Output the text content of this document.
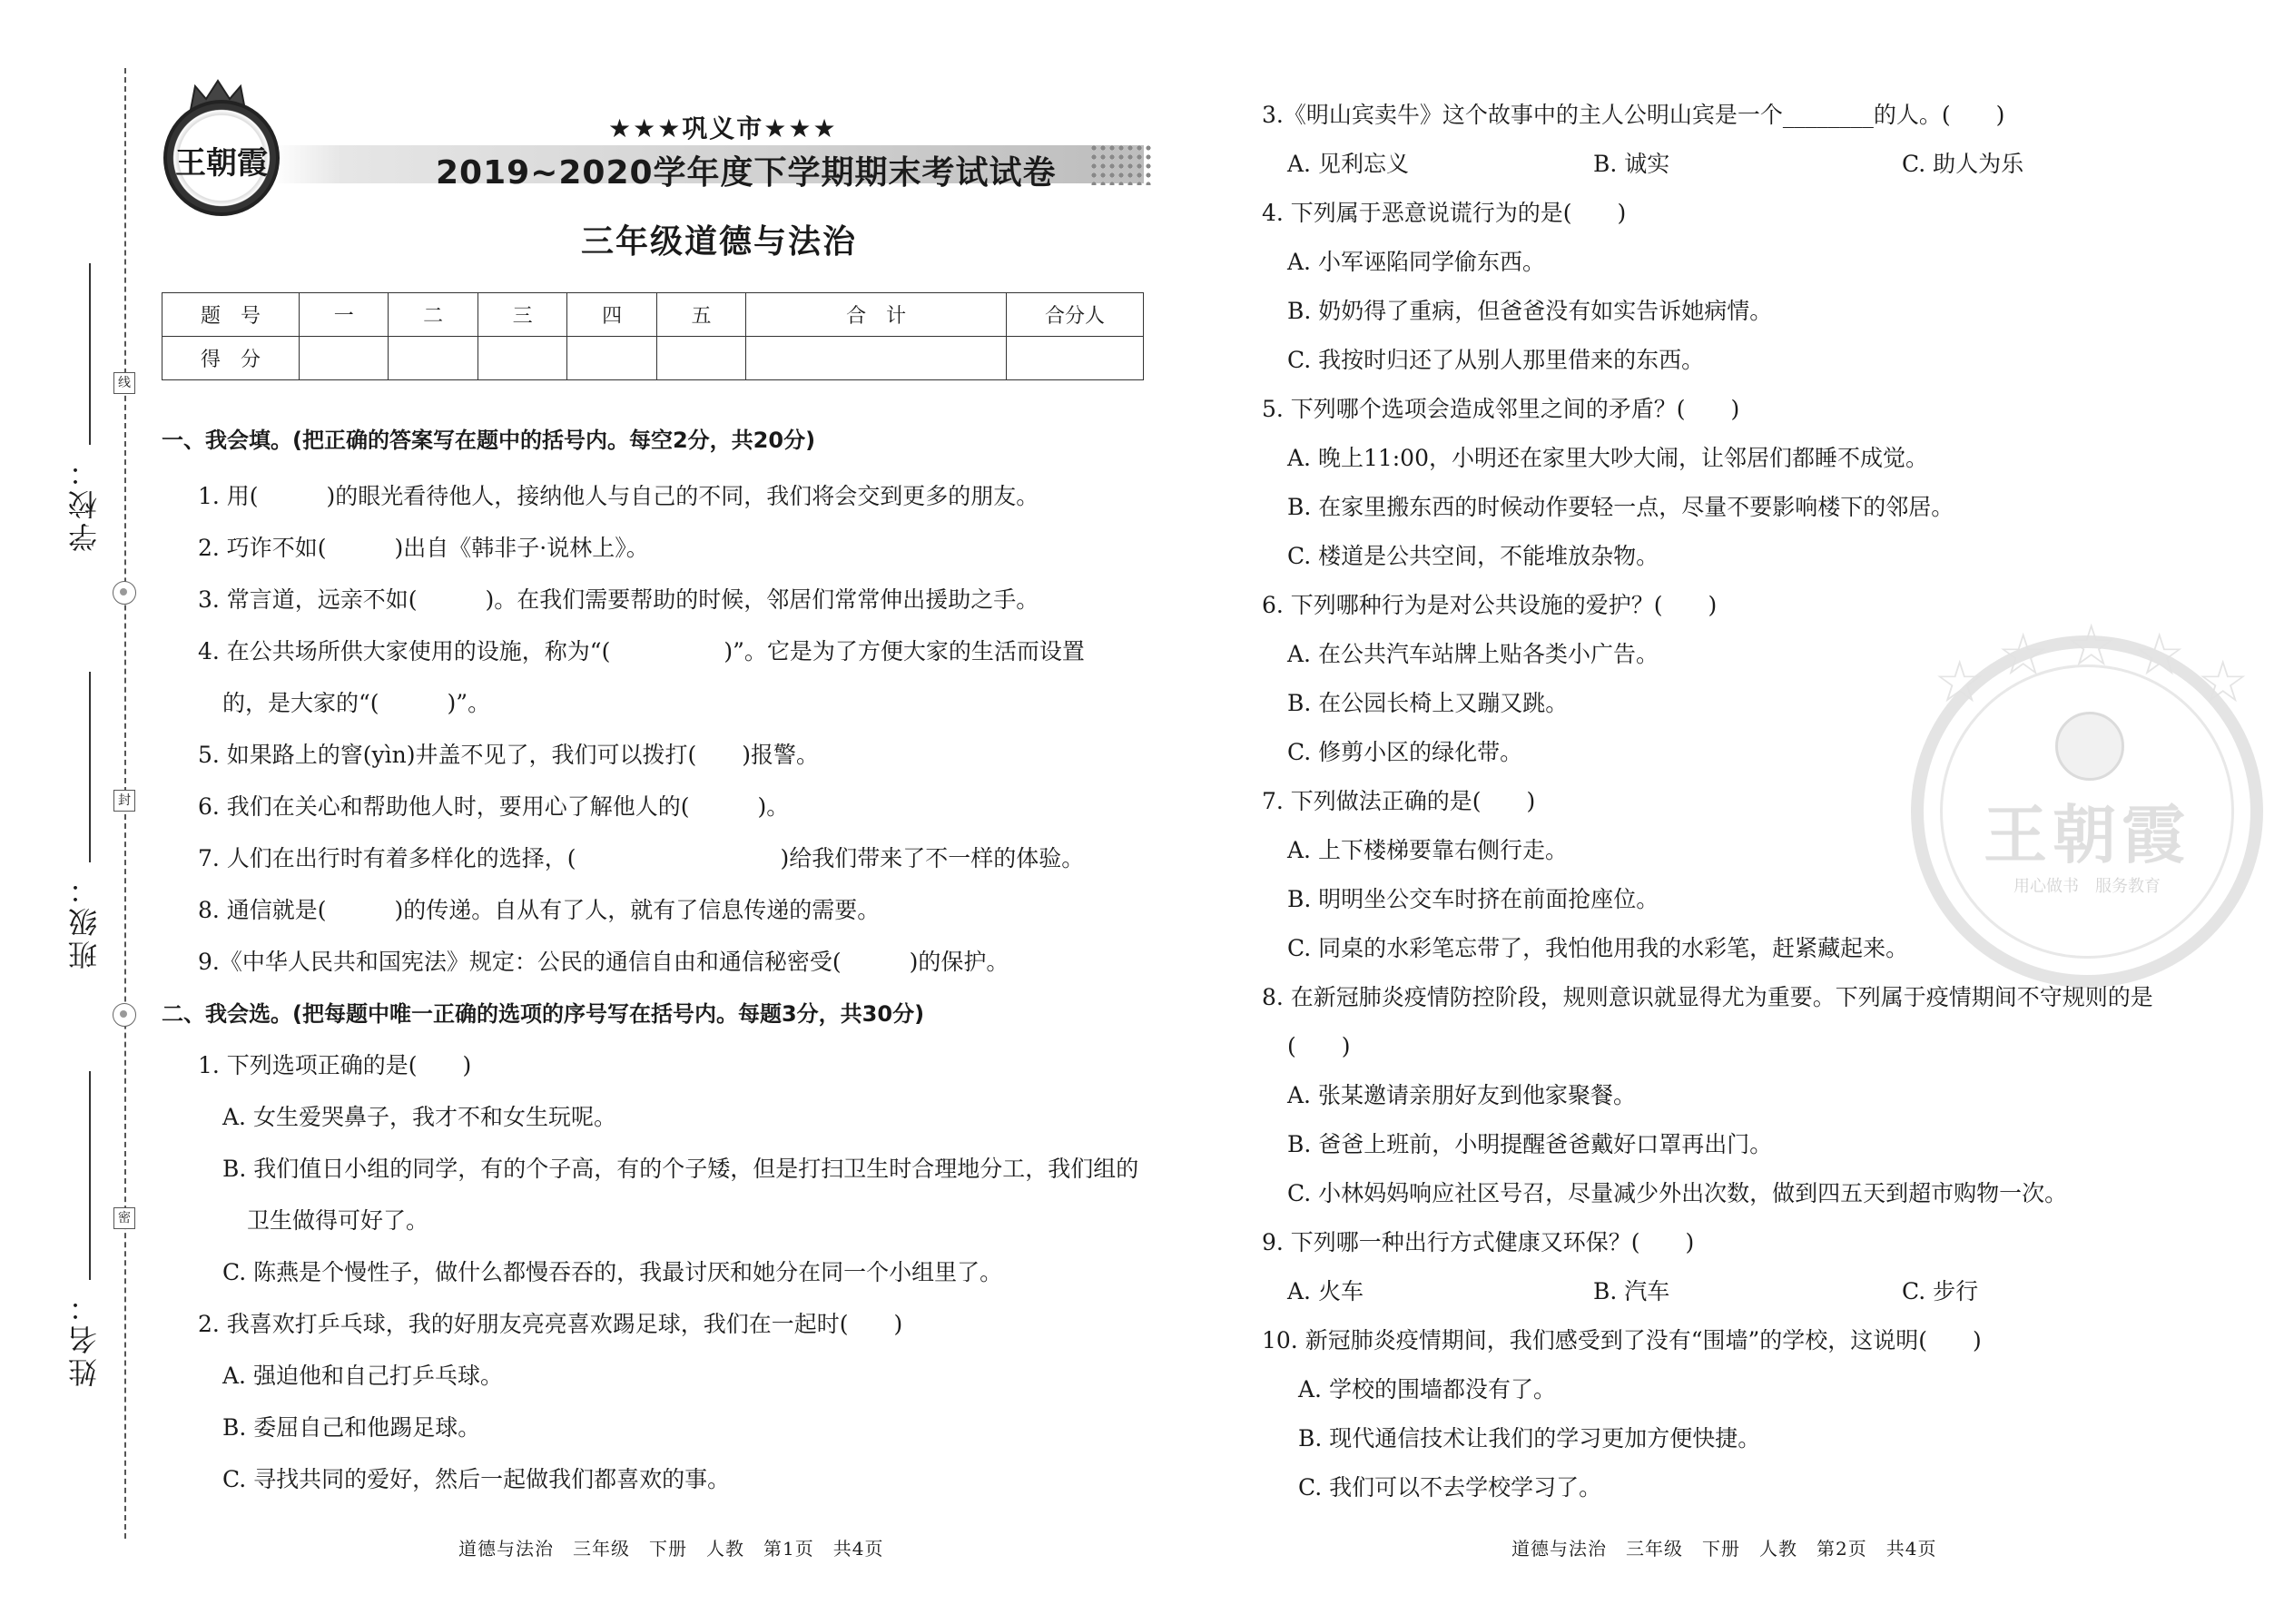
学校：
班级：
姓名：
线
封
密
王朝霞
★★★巩义市★★★
2019~2020学年度下学期期末考试试卷
三年级道德与法治
题　号	一	二	三	四	五	合　计	合分人
得　分							
一、我会填。(把正确的答案写在题中的括号内。每空2分，共20分)
1. 用(　　　)的眼光看待他人，接纳他人与自己的不同，我们将会交到更多的朋友。
2. 巧诈不如(　　　)出自《韩非子·说林上》。
3. 常言道，远亲不如(　　　)。在我们需要帮助的时候，邻居们常常伸出援助之手。
4. 在公共场所供大家使用的设施，称为“(　　　　　)”。它是为了方便大家的生活而设置
的，是大家的“(　　　)”。
5. 如果路上的窨(yìn)井盖不见了，我们可以拨打(　　)报警。
6. 我们在关心和帮助他人时，要用心了解他人的(　　　)。
7. 人们在出行时有着多样化的选择，(　　　　　　　　　)给我们带来了不一样的体验。
8. 通信就是(　　　)的传递。自从有了人，就有了信息传递的需要。
9.《中华人民共和国宪法》规定：公民的通信自由和通信秘密受(　　　)的保护。
二、我会选。(把每题中唯一正确的选项的序号写在括号内。每题3分，共30分)
1. 下列选项正确的是(　　)
A. 女生爱哭鼻子，我才不和女生玩呢。
B. 我们值日小组的同学，有的个子高，有的个子矮，但是打扫卫生时合理地分工，我们组的
卫生做得可好了。
C. 陈燕是个慢性子，做什么都慢吞吞的，我最讨厌和她分在同一个小组里了。
2. 我喜欢打乒乓球，我的好朋友亮亮喜欢踢足球，我们在一起时(　　)
A. 强迫他和自己打乒乓球。
B. 委屈自己和他踢足球。
C. 寻找共同的爱好，然后一起做我们都喜欢的事。
道德与法治　三年级　下册　人教　第1页　共4页
☆ ☆ ☆ ☆ ☆
王朝霞
用心做书　服务教育
3.《明山宾卖牛》这个故事中的主人公明山宾是一个________的人。(　　)
A. 见利忘义	B. 诚实	C. 助人为乐
4. 下列属于恶意说谎行为的是(　　)
A. 小军诬陷同学偷东西。
B. 奶奶得了重病，但爸爸没有如实告诉她病情。
C. 我按时归还了从别人那里借来的东西。
5. 下列哪个选项会造成邻里之间的矛盾？(　　)
A. 晚上11:00，小明还在家里大吵大闹，让邻居们都睡不成觉。
B. 在家里搬东西的时候动作要轻一点，尽量不要影响楼下的邻居。
C. 楼道是公共空间，不能堆放杂物。
6. 下列哪种行为是对公共设施的爱护？(　　)
A. 在公共汽车站牌上贴各类小广告。
B. 在公园长椅上又蹦又跳。
C. 修剪小区的绿化带。
7. 下列做法正确的是(　　)
A. 上下楼梯要靠右侧行走。
B. 明明坐公交车时挤在前面抢座位。
C. 同桌的水彩笔忘带了，我怕他用我的水彩笔，赶紧藏起来。
8. 在新冠肺炎疫情防控阶段，规则意识就显得尤为重要。下列属于疫情期间不守规则的是
(　　)
A. 张某邀请亲朋好友到他家聚餐。
B. 爸爸上班前，小明提醒爸爸戴好口罩再出门。
C. 小林妈妈响应社区号召，尽量减少外出次数，做到四五天到超市购物一次。
9. 下列哪一种出行方式健康又环保？(　　)
A. 火车	B. 汽车	C. 步行
10. 新冠肺炎疫情期间，我们感受到了没有“围墙”的学校，这说明(　　)
A. 学校的围墙都没有了。
B. 现代通信技术让我们的学习更加方便快捷。
C. 我们可以不去学校学习了。
道德与法治　三年级　下册　人教　第2页　共4页
